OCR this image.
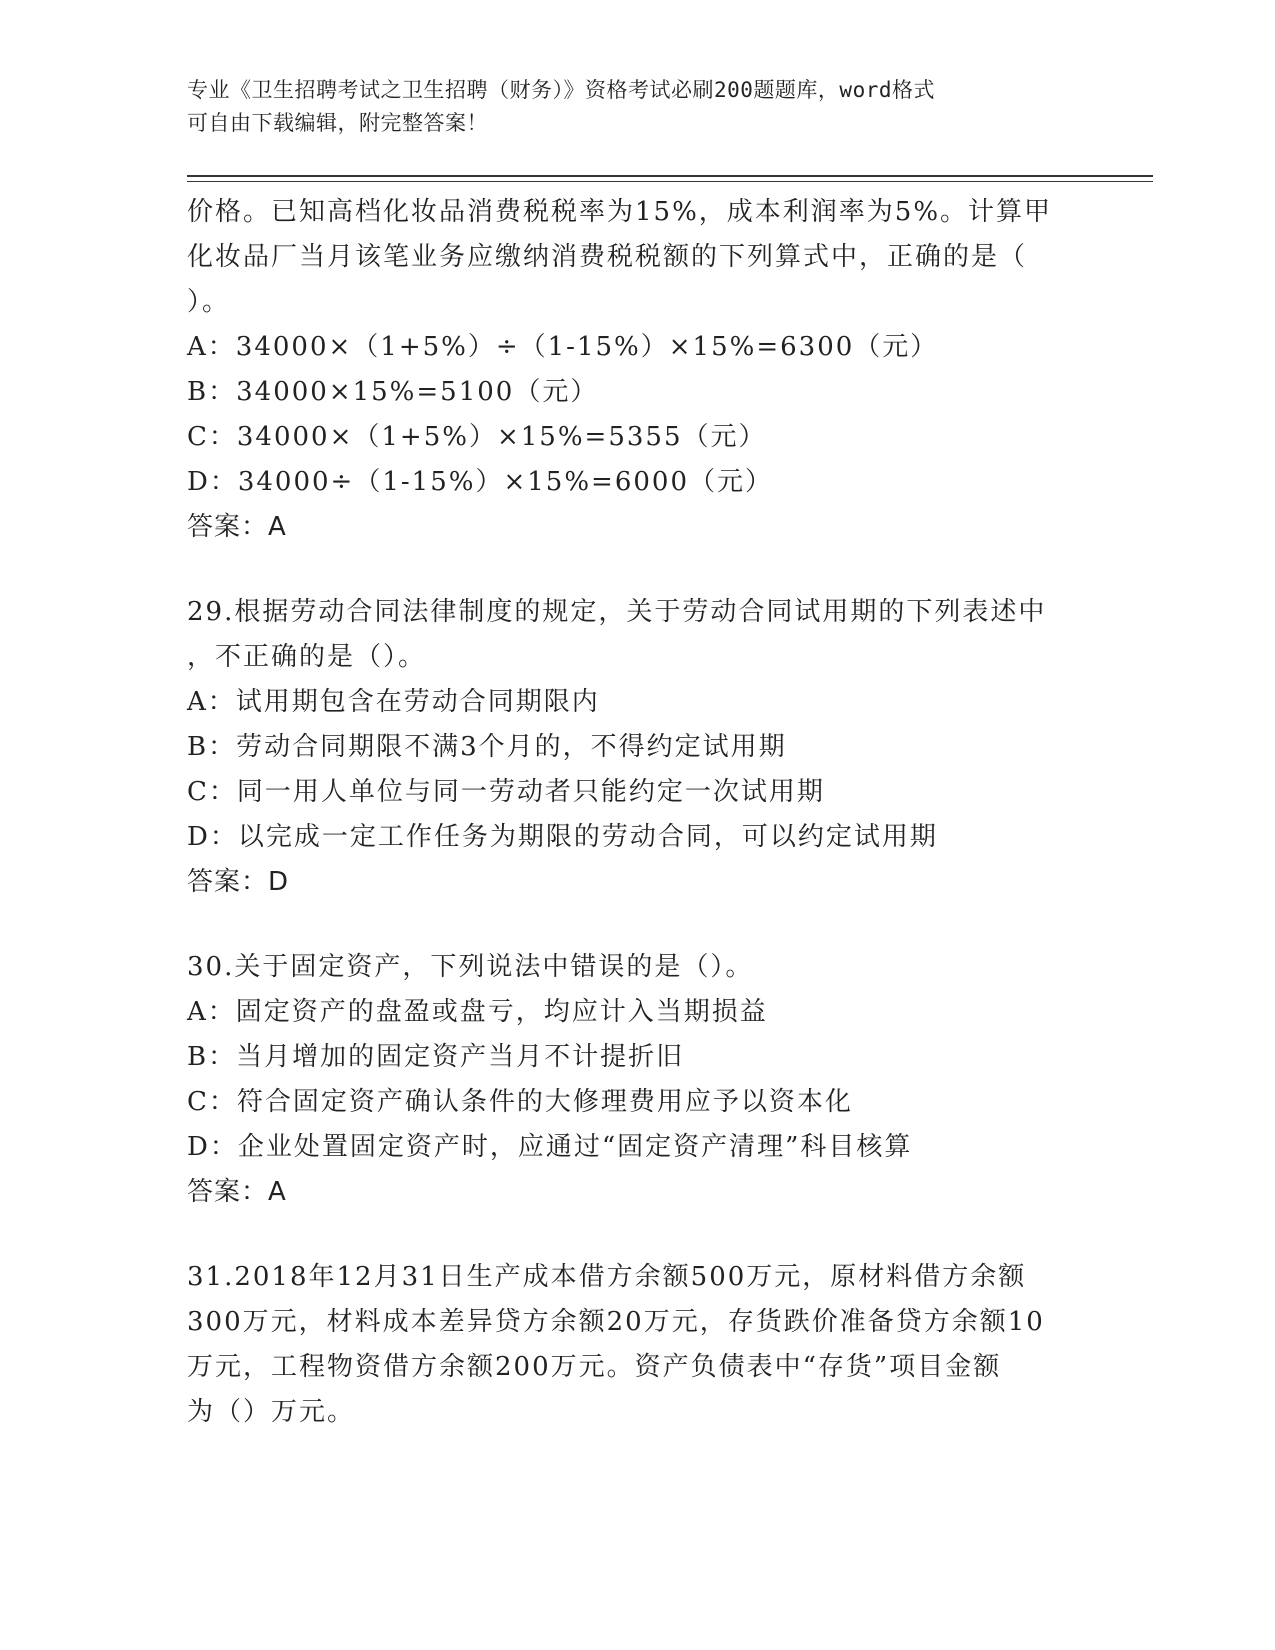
专业《卫生招聘考试之卫生招聘（财务）》资格考试必刷200题题库，word格式
可自由下载编辑，附完整答案！
价格。已知高档化妆品消费税税率为15%，成本利润率为5%。计算甲
化妆品厂当月该笔业务应缴纳消费税税额的下列算式中，正确的是（
）。
A：34000×（1+5%）÷（1-15%）×15%=6300（元）
B：34000×15%=5100（元）
C：34000×（1+5%）×15%=5355（元）
D：34000÷（1-15%）×15%=6000（元）
答案：A
29.根据劳动合同法律制度的规定，关于劳动合同试用期的下列表述中
，不正确的是（）。
A：试用期包含在劳动合同期限内
B：劳动合同期限不满3个月的，不得约定试用期
C：同一用人单位与同一劳动者只能约定一次试用期
D：以完成一定工作任务为期限的劳动合同，可以约定试用期
答案：D
30.关于固定资产，下列说法中错误的是（）。
A：固定资产的盘盈或盘亏，均应计入当期损益
B：当月增加的固定资产当月不计提折旧
C：符合固定资产确认条件的大修理费用应予以资本化
D：企业处置固定资产时，应通过“固定资产清理”科目核算
答案：A
31.2018年12月31日生产成本借方余额500万元，原材料借方余额
300万元，材料成本差异贷方余额20万元，存货跌价准备贷方余额10
万元，工程物资借方余额200万元。资产负债表中“存货”项目金额
为（）万元。
